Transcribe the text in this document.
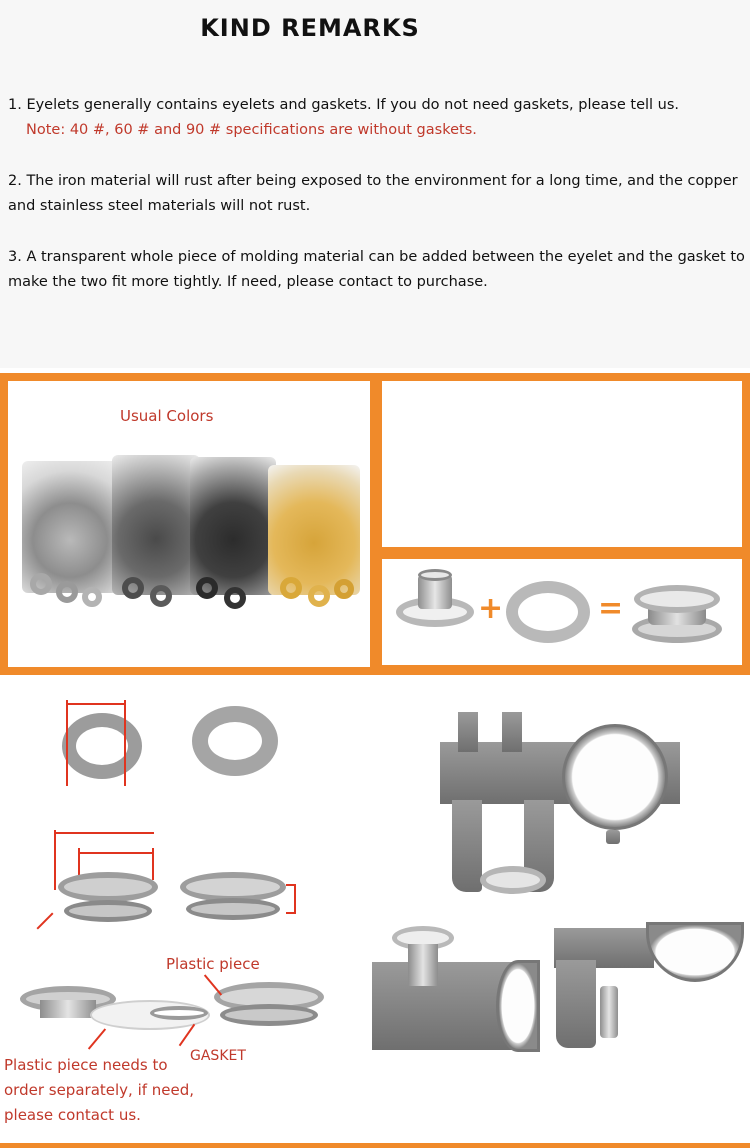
KIND REMARKS
1. Eyelets generally contains eyelets and gaskets. If you do not need gaskets, please tell us.
Note: 40 #, 60 # and 90 # specifications are without gaskets.
2. The iron material will rust after being exposed to the environment for a long time, and the copper
and stainless steel materials will not rust.
3. A transparent whole piece of molding material can be added between the eyelet and the gasket to
make the two fit more tightly. If need, please contact to purchase.
Usual Colors
+	=
Plastic piece
GASKET
Plastic piece needs to
order separately, if need,
please contact us.
